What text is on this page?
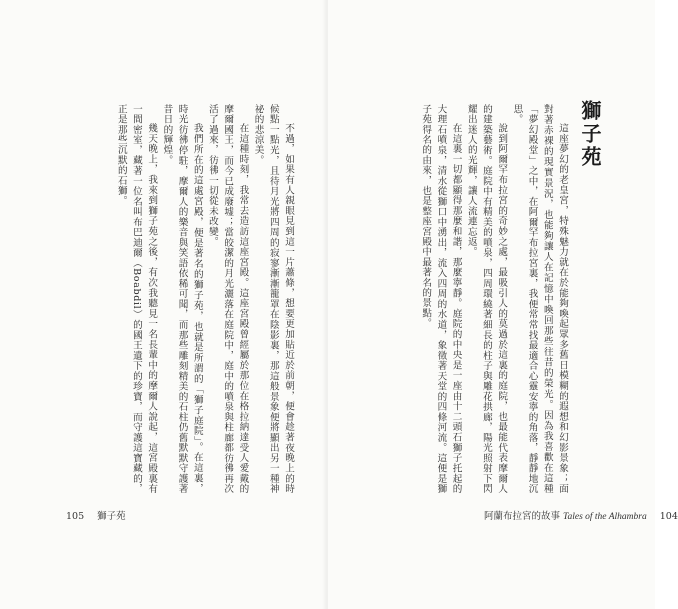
不過，如果有人親眼見到這一片蕭條，想要更加貼近於前朝，便會趁著夜晚上的時候點一點光，且待月光將四周的寂寥漸漸籠罩在陰影裏，那這般景象便將顯出另一種神祕的悲涼美。

在這種時刻，我常去造訪這座宮殿。這座宮殿曾經屬於那位在格拉納達受人愛戴的摩爾國王，而今已成廢墟；當皎潔的月光灑落在庭院中，庭中的噴泉與柱廊都彷彿再次活了過來，彷彿一切從未改變。

我們所在的這處宮殿，便是著名的獅子苑，也就是所謂的「獅子庭院」。在這裏，時光彷彿停駐，摩爾人的樂音與笑語依稀可聞，而那些雕刻精美的石柱仍舊默默守護著昔日的輝煌。

幾天晚上，我來到獅子苑之後，有次我聽見一名長輩中的摩爾人說起，這宮殿裏有一間密室，藏著一位名叫布巴迪爾（Boabdil）的國王遺下的珍寶，而守護這寶藏的，正是那些沉默的石獅。

105 獅子苑

這座夢幻的老皇宮，特殊魅力就在於能夠喚起眾多舊日模糊的遐想和幻影景象；面對著赤裸的現實景況，也能夠讓人在記憶中喚回那些往昔的榮光。因為我喜歡在這種「夢幻殿堂」之中，在阿爾罕布拉宮裏，我便常常找最適合心靈安寧的角落，靜靜地沉思。

說到阿爾罕布拉宮的奇妙之處，最吸引人的莫過於這裏的庭院，也最能代表摩爾人的建築藝術。庭院中有精美的噴泉，四周環繞著細長的柱子與雕花拱廊，陽光照射下閃耀出迷人的光輝，讓人流連忘返。

在這裏一切都顯得那麼和諧，那麼寧靜。庭院的中央是一座由十二頭石獅子托起的大理石噴泉，清水從獅口中湧出，流入四周的水道，象徵著天堂的四條河流。這便是獅子苑得名的由來，也是整座宮殿中最著名的景點。	獅子苑
阿蘭布拉宮的故事 Tales of the Alhambra 104
